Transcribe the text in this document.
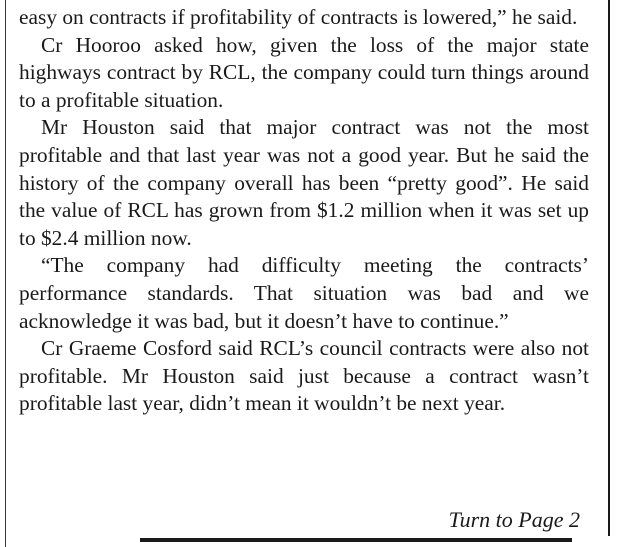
easy on contracts if profitability of contracts is lowered,” he said.

Cr Hooroo asked how, given the loss of the major state highways contract by RCL, the company could turn things around to a profitable situation.

Mr Houston said that major contract was not the most profitable and that last year was not a good year. But he said the history of the company overall has been “pretty good”. He said the value of RCL has grown from $1.2 million when it was set up to $2.4 million now.

“The company had difficulty meeting the contracts’ performance standards. That situation was bad and we acknowledge it was bad, but it doesn’t have to continue.”

Cr Graeme Cosford said RCL’s council contracts were also not profitable. Mr Houston said just because a contract wasn’t profitable last year, didn’t mean it wouldn’t be next year.

Turn to Page 2
